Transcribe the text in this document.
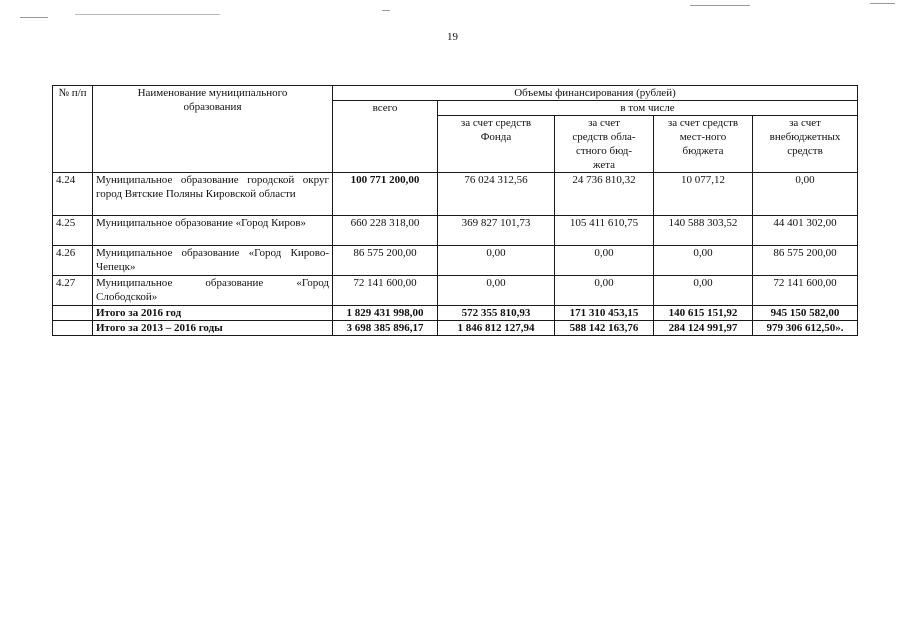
19
№ п/п	Наименование муниципального образования	Объемы финансирования (рублей)				
		всего	в том числе			
			за счет средств Фонда	за счет средств обла-стного бюд-жета	за счет средств мест-ного бюджета	за счет внебюджетных средств
4.24	Муниципальное образование городской округ город Вятские Поляны Кировской области	100 771 200,00	76 024 312,56	24 736 810,32	10 077,12	0,00
4.25	Муниципальное образование «Город Киров»	660 228 318,00	369 827 101,73	105 411 610,75	140 588 303,52	44 401 302,00
4.26	Муниципальное образование «Город Кирово-Чепецк»	86 575 200,00	0,00	0,00	0,00	86 575 200,00
4.27	Муниципальное образование «Город Слободской»	72 141 600,00	0,00	0,00	0,00	72 141 600,00
	Итого за 2016 год	1 829 431 998,00	572 355 810,93	171 310 453,15	140 615 151,92	945 150 582,00
	Итого за 2013 – 2016 годы	3 698 385 896,17	1 846 812 127,94	588 142 163,76	284 124 991,97	979 306 612,50».
